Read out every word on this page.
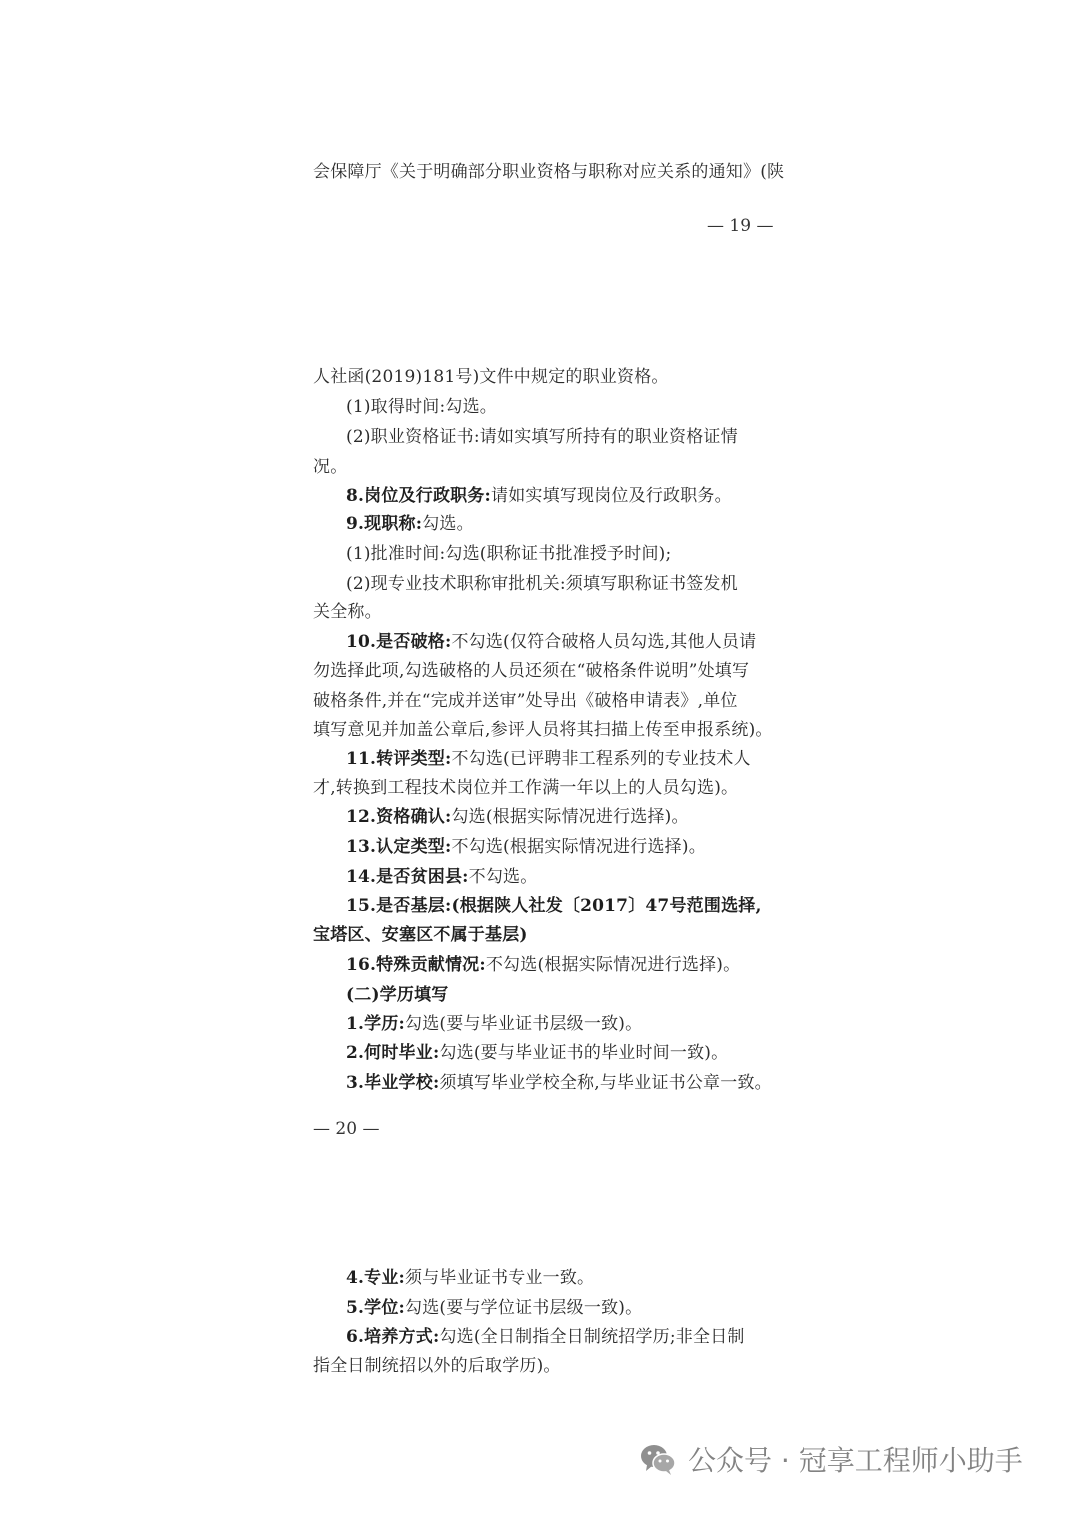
会保障厅《关于明确部分职业资格与职称对应关系的通知》(陕
— 19 —
人社函(2019)181号)文件中规定的职业资格。
(1)取得时间:勾选。
(2)职业资格证书:请如实填写所持有的职业资格证情
况。
8.岗位及行政职务:请如实填写现岗位及行政职务。
9.现职称:勾选。
(1)批准时间:勾选(职称证书批准授予时间);
(2)现专业技术职称审批机关:须填写职称证书签发机
关全称。
10.是否破格:不勾选(仅符合破格人员勾选,其他人员请
勿选择此项,勾选破格的人员还须在“破格条件说明”处填写
破格条件,并在“完成并送审”处导出《破格申请表》,单位
填写意见并加盖公章后,参评人员将其扫描上传至申报系统)。
11.转评类型:不勾选(已评聘非工程系列的专业技术人
才,转换到工程技术岗位并工作满一年以上的人员勾选)。
12.资格确认:勾选(根据实际情况进行选择)。
13.认定类型:不勾选(根据实际情况进行选择)。
14.是否贫困县:不勾选。
15.是否基层:(根据陕人社发〔2017〕47号范围选择,
宝塔区、安塞区不属于基层)
16.特殊贡献情况:不勾选(根据实际情况进行选择)。
(二)学历填写
1.学历:勾选(要与毕业证书层级一致)。
2.何时毕业:勾选(要与毕业证书的毕业时间一致)。
3.毕业学校:须填写毕业学校全称,与毕业证书公章一致。
— 20 —
4.专业:须与毕业证书专业一致。
5.学位:勾选(要与学位证书层级一致)。
6.培养方式:勾选(全日制指全日制统招学历;非全日制
指全日制统招以外的后取学历)。
公众号 · 冠享工程师小助手
